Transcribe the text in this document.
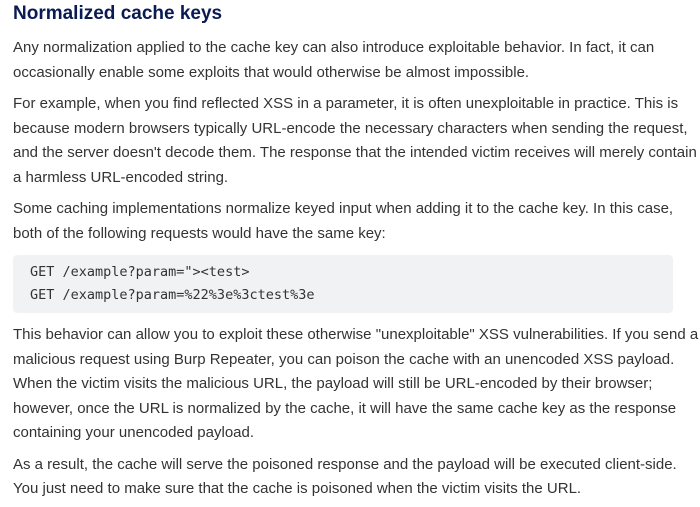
Normalized cache keys

Any normalization applied to the cache key can also introduce exploitable behavior. In fact, it can
occasionally enable some exploits that would otherwise be almost impossible.

For example, when you find reflected XSS in a parameter, it is often unexploitable in practice. This is
because modern browsers typically URL-encode the necessary characters when sending the request,
and the server doesn't decode them. The response that the intended victim receives will merely contain
a harmless URL-encoded string.

Some caching implementations normalize keyed input when adding it to the cache key. In this case,
both of the following requests would have the same key:

GET /example?param="><test>
GET /example?param=%22%3e%3ctest%3e

This behavior can allow you to exploit these otherwise "unexploitable" XSS vulnerabilities. If you send a
malicious request using Burp Repeater, you can poison the cache with an unencoded XSS payload.
When the victim visits the malicious URL, the payload will still be URL-encoded by their browser;
however, once the URL is normalized by the cache, it will have the same cache key as the response
containing your unencoded payload.

As a result, the cache will serve the poisoned response and the payload will be executed client-side.
You just need to make sure that the cache is poisoned when the victim visits the URL.
